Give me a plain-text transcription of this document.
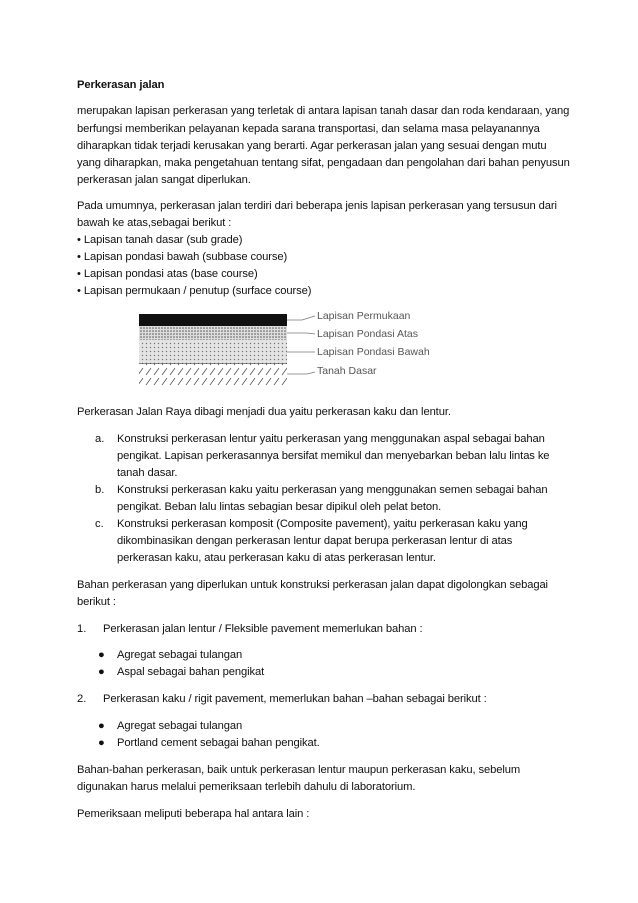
Perkerasan jalan
merupakan lapisan perkerasan yang terletak di antara lapisan tanah dasar dan roda kendaraan, yang
berfungsi memberikan pelayanan kepada sarana transportasi, dan selama masa pelayanannya
diharapkan tidak terjadi kerusakan yang berarti. Agar perkerasan jalan yang sesuai dengan mutu
yang diharapkan, maka pengetahuan tentang sifat, pengadaan dan pengolahan dari bahan penyusun
perkerasan jalan sangat diperlukan.
Pada umumnya, perkerasan jalan terdiri dari beberapa jenis lapisan perkerasan yang tersusun dari
bawah ke atas,sebagai berikut :
• Lapisan tanah dasar (sub grade)
• Lapisan pondasi bawah (subbase course)
• Lapisan pondasi atas (base course)
• Lapisan permukaan / penutup (surface course)
Lapisan Permukaan
Lapisan Pondasi Atas
Lapisan Pondasi Bawah
Tanah Dasar
Perkerasan Jalan Raya dibagi menjadi dua yaitu perkerasan kaku dan lentur.
a. Konstruksi perkerasan lentur yaitu perkerasan yang menggunakan aspal sebagai bahan
pengikat. Lapisan perkerasannya bersifat memikul dan menyebarkan beban lalu lintas ke
tanah dasar.
b. Konstruksi perkerasan kaku yaitu perkerasan yang menggunakan semen sebagai bahan
pengikat. Beban lalu lintas sebagian besar dipikul oleh pelat beton.
c. Konstruksi perkerasan komposit (Composite pavement), yaitu perkerasan kaku yang
dikombinasikan dengan perkerasan lentur dapat berupa perkerasan lentur di atas
perkerasan kaku, atau perkerasan kaku di atas perkerasan lentur.
Bahan perkerasan yang diperlukan untuk konstruksi perkerasan jalan dapat digolongkan sebagai
berikut :
1. Perkerasan jalan lentur / Fleksible pavement memerlukan bahan :
● Agregat sebagai tulangan
● Aspal sebagai bahan pengikat
2. Perkerasan kaku / rigit pavement, memerlukan bahan –bahan sebagai berikut :
● Agregat sebagai tulangan
● Portland cement sebagai bahan pengikat.
Bahan-bahan perkerasan, baik untuk perkerasan lentur maupun perkerasan kaku, sebelum
digunakan harus melalui pemeriksaan terlebih dahulu di laboratorium.
Pemeriksaan meliputi beberapa hal antara lain :
